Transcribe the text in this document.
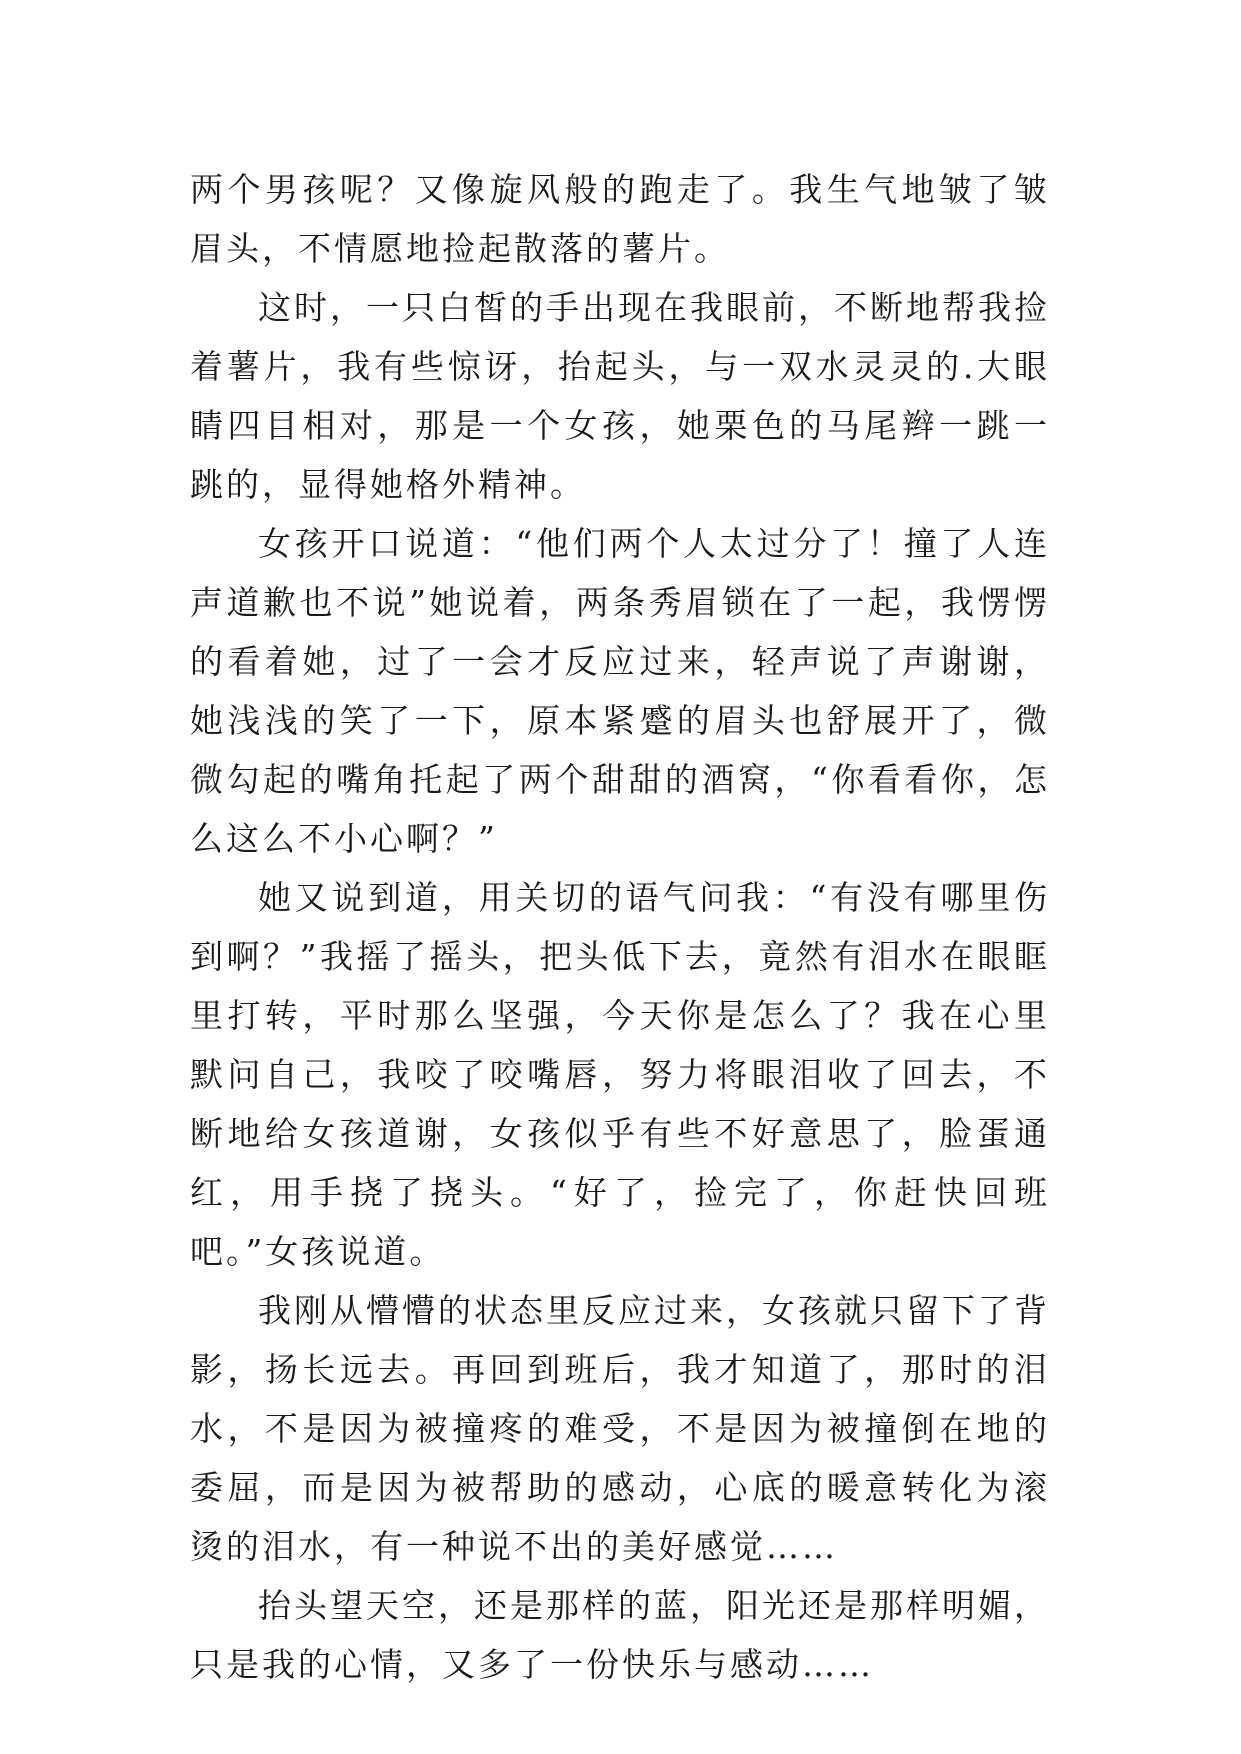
两个男孩呢？又像旋风般的跑走了。我生气地皱了皱眉头，不情愿地捡起散落的薯片。

这时，一只白皙的手出现在我眼前，不断地帮我捡着薯片，我有些惊讶，抬起头，与一双水灵灵的.大眼睛四目相对，那是一个女孩，她栗色的马尾辫一跳一跳的，显得她格外精神。

女孩开口说道：“他们两个人太过分了！撞了人连声道歉也不说”她说着，两条秀眉锁在了一起，我愣愣的看着她，过了一会才反应过来，轻声说了声谢谢，她浅浅的笑了一下，原本紧蹙的眉头也舒展开了，微微勾起的嘴角托起了两个甜甜的酒窝，“你看看你，怎么这么不小心啊？”

她又说到道，用关切的语气问我：“有没有哪里伤到啊？”我摇了摇头，把头低下去，竟然有泪水在眼眶里打转，平时那么坚强，今天你是怎么了？我在心里默问自己，我咬了咬嘴唇，努力将眼泪收了回去，不断地给女孩道谢，女孩似乎有些不好意思了，脸蛋通红，用手挠了挠头。“好了，捡完了，你赶快回班吧。”女孩说道。

我刚从懵懵的状态里反应过来，女孩就只留下了背影，扬长远去。再回到班后，我才知道了，那时的泪水，不是因为被撞疼的难受，不是因为被撞倒在地的委屈，而是因为被帮助的感动，心底的暖意转化为滚烫的泪水，有一种说不出的美好感觉……

抬头望天空，还是那样的蓝，阳光还是那样明媚，只是我的心情，又多了一份快乐与感动……
